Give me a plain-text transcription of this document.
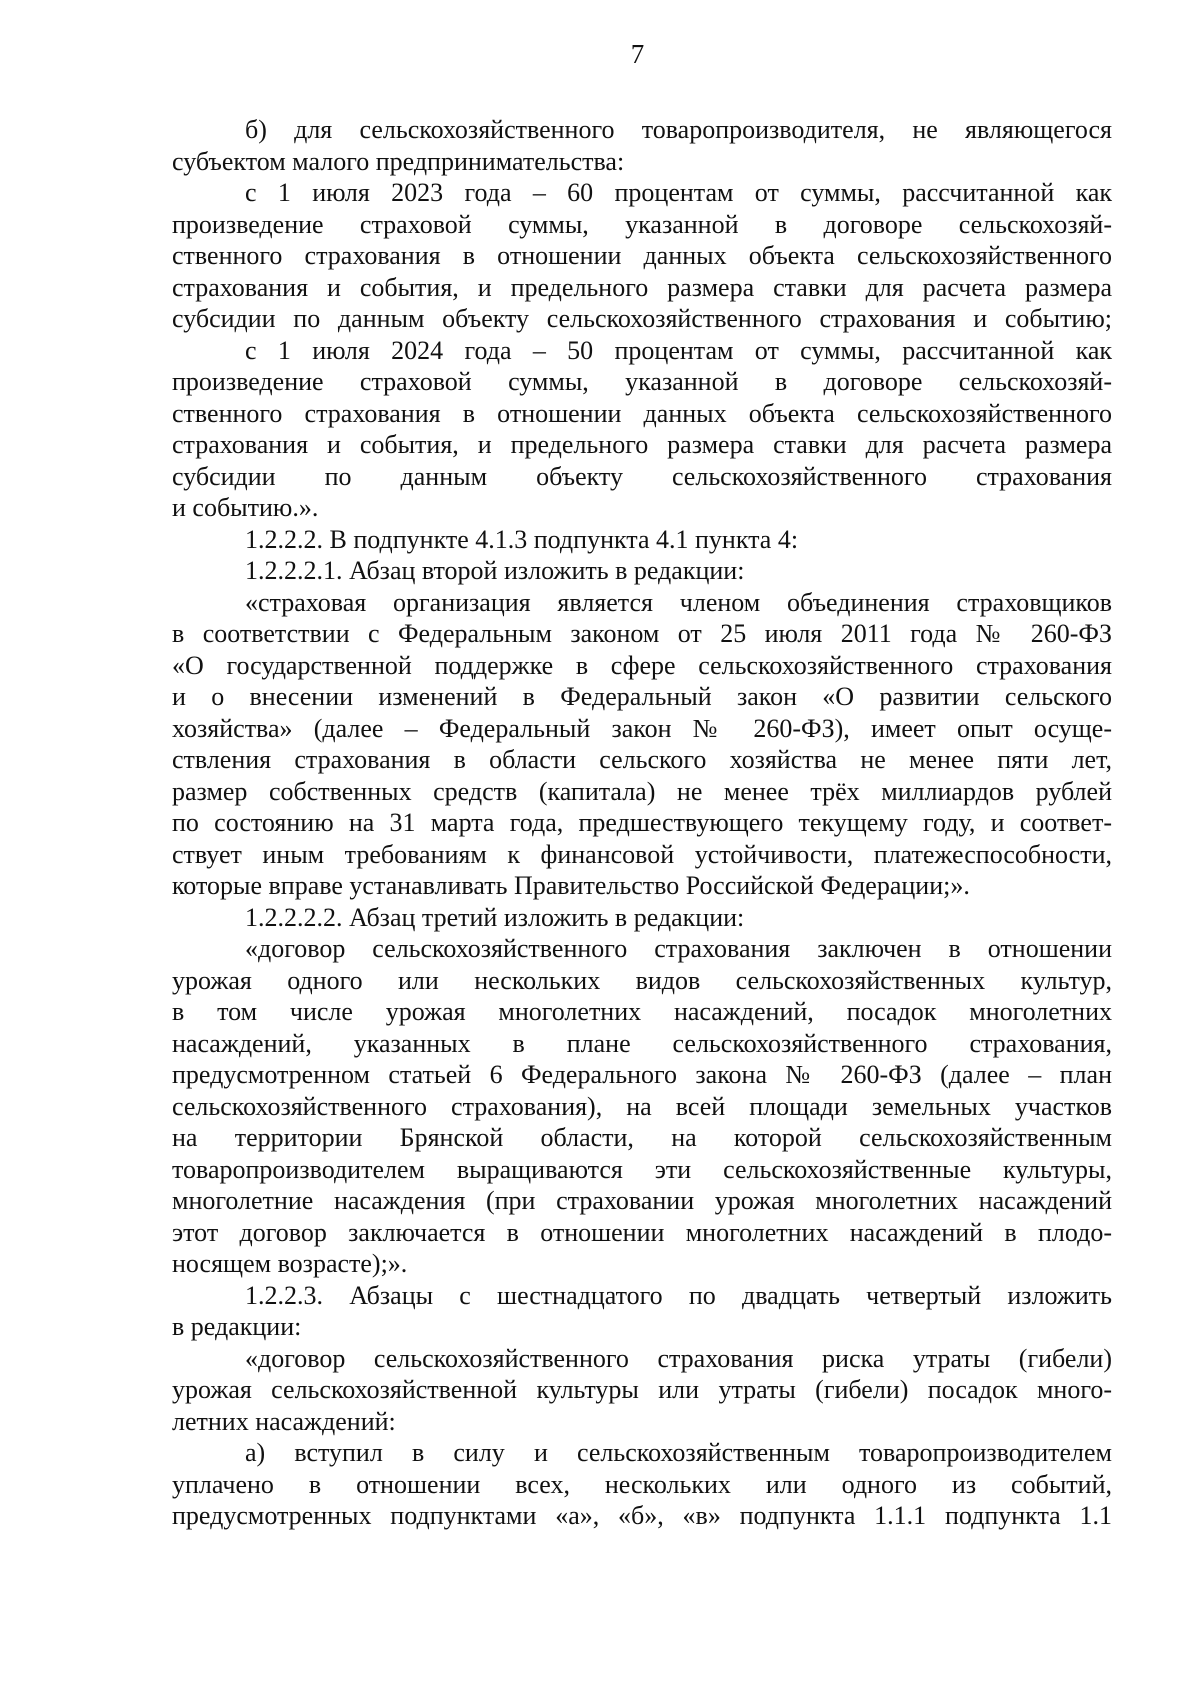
7
б) для сельскохозяйственного товаропроизводителя, не являющегося
субъектом малого предпринимательства:
с 1 июля 2023 года – 60 процентам от суммы, рассчитанной как
произведение страховой суммы, указанной в договоре сельскохозяй-
ственного страхования в отношении данных объекта сельскохозяйственного
страхования и события, и предельного размера ставки для расчета размера
субсидии по данным объекту сельскохозяйственного страхования и событию;
с 1 июля 2024 года – 50 процентам от суммы, рассчитанной как
произведение страховой суммы, указанной в договоре сельскохозяй-
ственного страхования в отношении данных объекта сельскохозяйственного
страхования и события, и предельного размера ставки для расчета размера
субсидии по данным объекту сельскохозяйственного страхования
и событию.».
1.2.2.2. В подпункте 4.1.3 подпункта 4.1 пункта 4:
1.2.2.2.1. Абзац второй изложить в редакции:
«страховая организация является членом объединения страховщиков
в соответствии с Федеральным законом от 25 июля 2011 года № 260-ФЗ
«О государственной поддержке в сфере сельскохозяйственного страхования
и о внесении изменений в Федеральный закон «О развитии сельского
хозяйства» (далее – Федеральный закон № 260-ФЗ), имеет опыт осуще-
ствления страхования в области сельского хозяйства не менее пяти лет,
размер собственных средств (капитала) не менее трёх миллиардов рублей
по состоянию на 31 марта года, предшествующего текущему году, и соответ-
ствует иным требованиям к финансовой устойчивости, платежеспособности,
которые вправе устанавливать Правительство Российской Федерации;».
1.2.2.2.2. Абзац третий изложить в редакции:
«договор сельскохозяйственного страхования заключен в отношении
урожая одного или нескольких видов сельскохозяйственных культур,
в том числе урожая многолетних насаждений, посадок многолетних
насаждений, указанных в плане сельскохозяйственного страхования,
предусмотренном статьей 6 Федерального закона № 260-ФЗ (далее – план
сельскохозяйственного страхования), на всей площади земельных участков
на территории Брянской области, на которой сельскохозяйственным
товаропроизводителем выращиваются эти сельскохозяйственные культуры,
многолетние насаждения (при страховании урожая многолетних насаждений
этот договор заключается в отношении многолетних насаждений в плодо-
носящем возрасте);».
1.2.2.3. Абзацы с шестнадцатого по двадцать четвертый изложить
в редакции:
«договор сельскохозяйственного страхования риска утраты (гибели)
урожая сельскохозяйственной культуры или утраты (гибели) посадок много-
летних насаждений:
а) вступил в силу и сельскохозяйственным товаропроизводителем
уплачено в отношении всех, нескольких или одного из событий,
предусмотренных подпунктами «а», «б», «в» подпункта 1.1.1 подпункта 1.1
